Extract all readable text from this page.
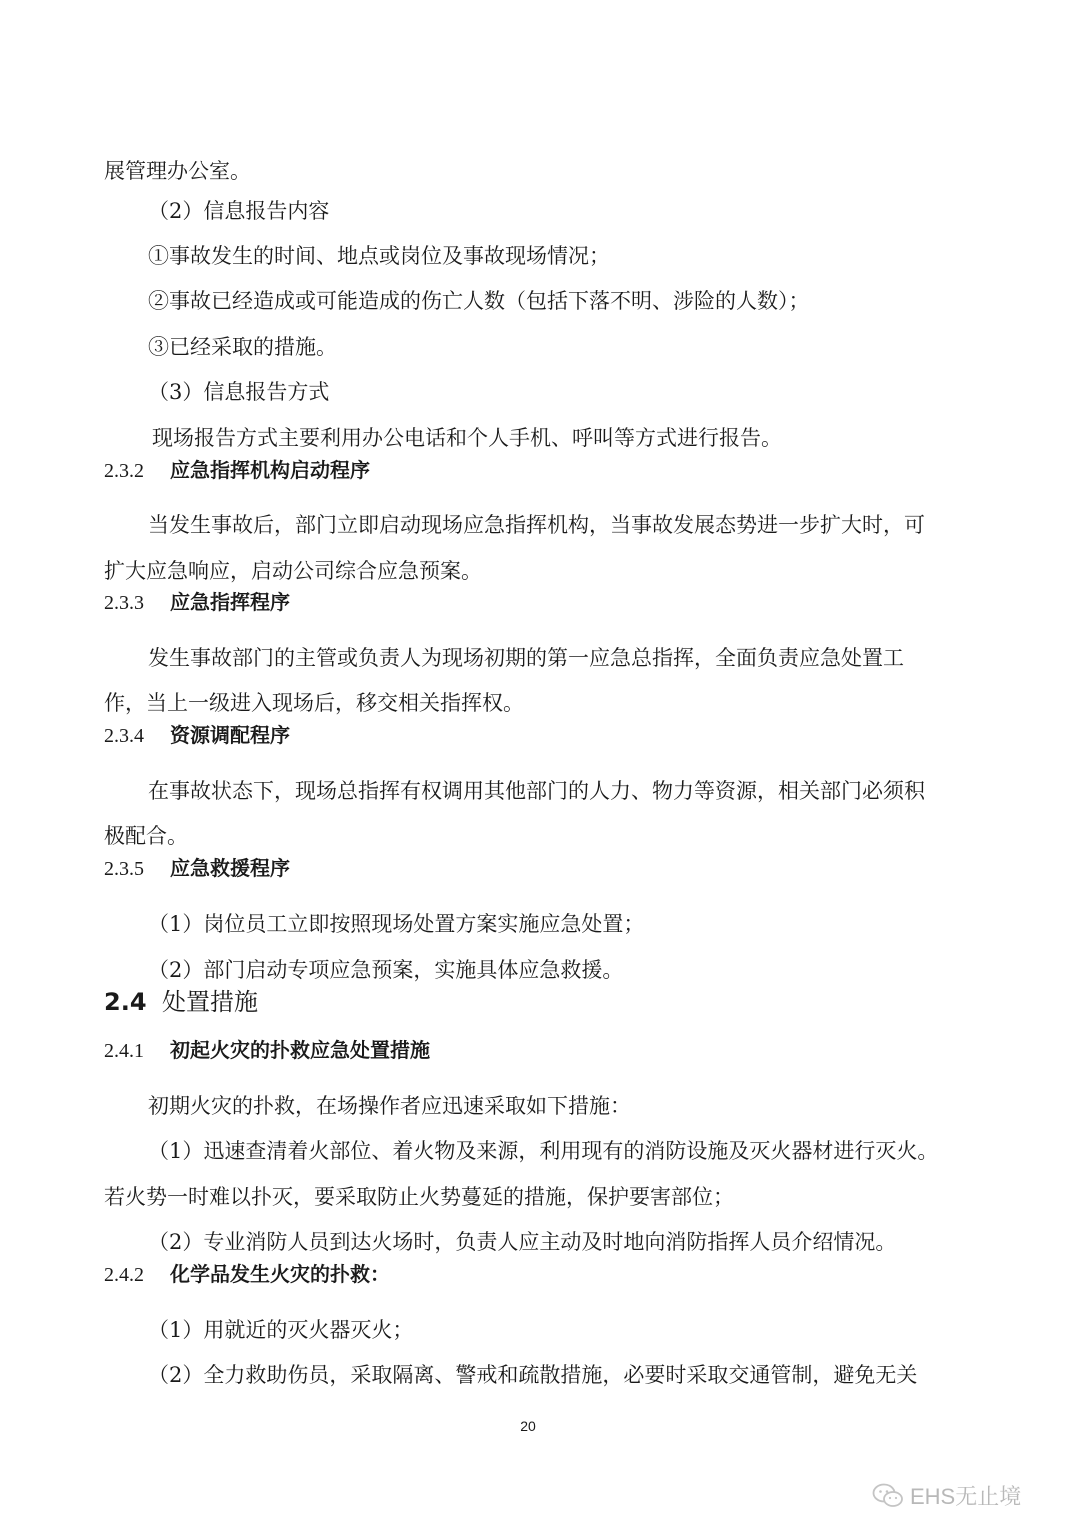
展管理办公室。
（2）信息报告内容
①事故发生的时间、地点或岗位及事故现场情况；
②事故已经造成或可能造成的伤亡人数（包括下落不明、涉险的人数）；
③已经采取的措施。
（3）信息报告方式
现场报告方式主要利用办公电话和个人手机、呼叫等方式进行报告。
2.3.2 应急指挥机构启动程序
当发生事故后，部门立即启动现场应急指挥机构，当事故发展态势进一步扩大时，可
扩大应急响应，启动公司综合应急预案。
2.3.3 应急指挥程序
发生事故部门的主管或负责人为现场初期的第一应急总指挥，全面负责应急处置工
作，当上一级进入现场后，移交相关指挥权。
2.3.4 资源调配程序
在事故状态下，现场总指挥有权调用其他部门的人力、物力等资源，相关部门必须积
极配合。
2.3.5 应急救援程序
（1）岗位员工立即按照现场处置方案实施应急处置；
（2）部门启动专项应急预案，实施具体应急救援。
2.4 处置措施
2.4.1 初起火灾的扑救应急处置措施
初期火灾的扑救，在场操作者应迅速采取如下措施：
（1）迅速查清着火部位、着火物及来源，利用现有的消防设施及灭火器材进行灭火。
若火势一时难以扑灭，要采取防止火势蔓延的措施，保护要害部位；
（2）专业消防人员到达火场时，负责人应主动及时地向消防指挥人员介绍情况。
2.4.2 化学品发生火灾的扑救：
（1）用就近的灭火器灭火；
（2）全力救助伤员，采取隔离、警戒和疏散措施，必要时采取交通管制，避免无关
20
EHS无止境
